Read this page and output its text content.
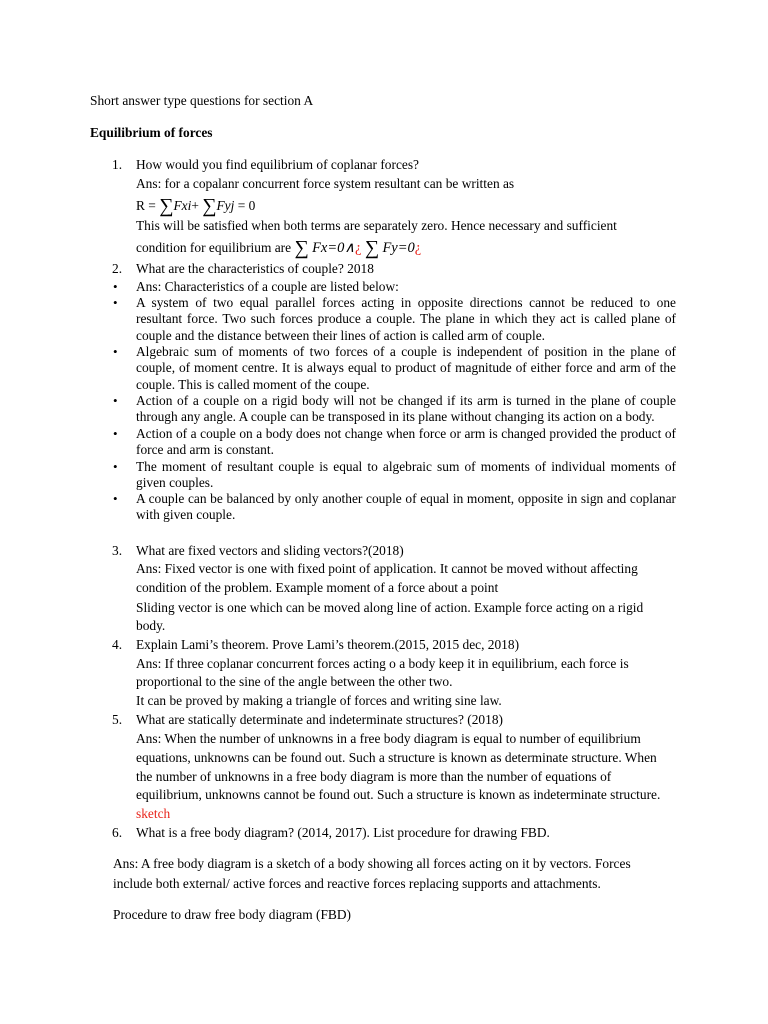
Short answer type questions for section A
Equilibrium of forces
1. How would you find equilibrium of coplanar forces?
Ans: for a copalanr concurrent force system resultant can be written as
R = ∑Fxi+ ∑Fyj = 0
This will be satisfied when both terms are separately zero. Hence necessary and sufficient
condition for equilibrium are ∑ Fx=0∧¿ ∑ Fy=0¿
2. What are the characteristics of couple? 2018
• Ans: Characteristics of a couple are listed below:
• A system of two equal parallel forces acting in opposite directions cannot be reduced to one resultant force. Two such forces produce a couple. The plane in which they act is called plane of couple and the distance between their lines of action is called arm of couple.
• Algebraic sum of moments of two forces of a couple is independent of position in the plane of couple, of moment centre. It is always equal to product of magnitude of either force and arm of the couple. This is called moment of the coupe.
• Action of a couple on a rigid body will not be changed if its arm is turned in the plane of couple through any angle. A couple can be transposed in its plane without changing its action on a body.
• Action of a couple on a body does not change when force or arm is changed provided the product of force and arm is constant.
• The moment of resultant couple is equal to algebraic sum of moments of individual moments of given couples.
• A couple can be balanced by only another couple of equal in moment, opposite in sign and coplanar with given couple.
3. What are fixed vectors and sliding vectors?(2018)
Ans: Fixed vector is one with fixed point of application. It cannot be moved without affecting
condition of the problem. Example moment of a force about a point
Sliding vector is one which can be moved along line of action. Example force acting on a rigid
body.
4. Explain Lami’s theorem. Prove Lami’s theorem.(2015, 2015 dec, 2018)
Ans: If three coplanar concurrent forces acting o a body keep it in equilibrium, each force is
proportional to the sine of the angle between the other two.
It can be proved by making a triangle of forces and writing sine law.
5. What are statically determinate and indeterminate structures? (2018)
Ans: When the number of unknowns in a free body diagram is equal to number of equilibrium
equations, unknowns can be found out. Such a structure is known as determinate structure. When
the number of unknowns in a free body diagram is more than the number of equations of
equilibrium, unknowns cannot be found out. Such a structure is known as indeterminate structure.
sketch
6. What is a free body diagram? (2014, 2017). List procedure for drawing FBD.
Ans: A free body diagram is a sketch of a body showing all forces acting on it by vectors. Forces
include both external/ active forces and reactive forces replacing supports and attachments.
Procedure to draw free body diagram (FBD)
